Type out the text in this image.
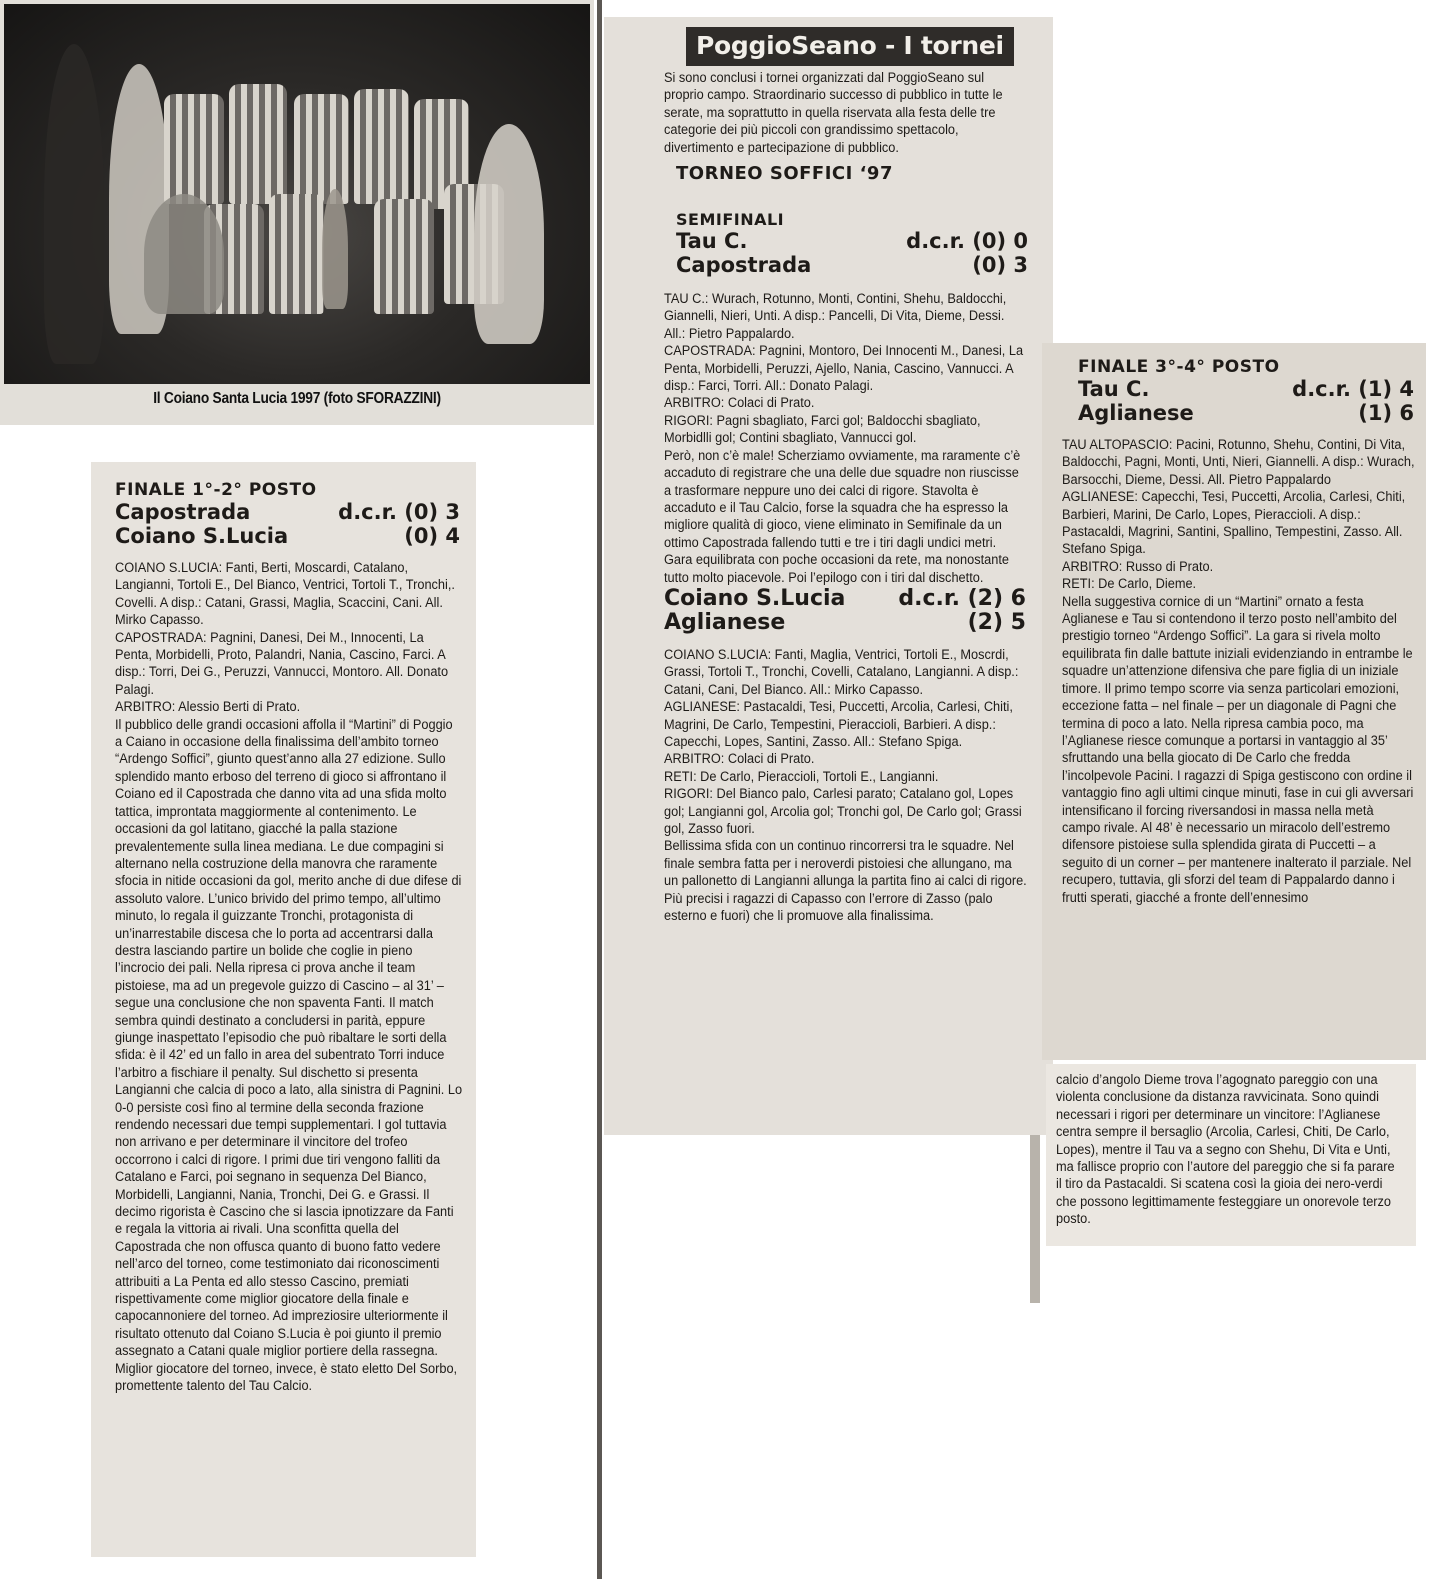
Il Coiano Santa Lucia 1997 (foto SFORAZZINI)
FINALE 1°-2° POSTO
Capostrada	d.c.r. (0) 3
Coiano S.Lucia	(0) 4

COIANO S.LUCIA: Fanti, Berti, Moscardi, Catalano, Langianni, Tortoli E., Del Bianco, Ventrici, Tortoli T., Tronchi,. Covelli. A disp.: Catani, Grassi, Maglia, Scaccini, Cani. All. Mirko Capasso.

CAPOSTRADA: Pagnini, Danesi, Dei M., Innocenti, La Penta, Morbidelli, Proto, Palandri, Nania, Cascino, Farci. A disp.: Torri, Dei G., Peruzzi, Vannucci, Montoro. All. Donato Palagi.

ARBITRO: Alessio Berti di Prato.

Il pubblico delle grandi occasioni affolla il “Martini” di Poggio a Caiano in occasione della finalissima dell’ambito torneo “Ardengo Soffici”, giunto quest’anno alla 27 edizione. Sullo splendido manto erboso del terreno di gioco si affrontano il Coiano ed il Capostrada che danno vita ad una sfida molto tattica, improntata maggiormente al contenimento. Le occasioni da gol latitano, giacché la palla stazione prevalentemente sulla linea mediana. Le due compagini si alternano nella costruzione della manovra che raramente sfocia in nitide occasioni da gol, merito anche di due difese di assoluto valore. L’unico brivido del primo tempo, all’ultimo minuto, lo regala il guizzante Tronchi, protagonista di un’inarrestabile discesa che lo porta ad accentrarsi dalla destra lasciando partire un bolide che coglie in pieno l’incrocio dei pali. Nella ripresa ci prova anche il team pistoiese, ma ad un pregevole guizzo di Cascino – al 31’ – segue una conclusione che non spaventa Fanti. Il match sembra quindi destinato a concludersi in parità, eppure giunge inaspettato l’episodio che può ribaltare le sorti della sfida: è il 42’ ed un fallo in area del subentrato Torri induce l’arbitro a fischiare il penalty. Sul dischetto si presenta Langianni che calcia di poco a lato, alla sinistra di Pagnini. Lo 0-0 persiste così fino al termine della seconda frazione rendendo necessari due tempi supplementari. I gol tuttavia non arrivano e per determinare il vincitore del trofeo occorrono i calci di rigore. I primi due tiri vengono falliti da Catalano e Farci, poi segnano in sequenza Del Bianco, Morbidelli, Langianni, Nania, Tronchi, Dei G. e Grassi. Il decimo rigorista è Cascino che si lascia ipnotizzare da Fanti e regala la vittoria ai rivali. Una sconfitta quella del Capostrada che non offusca quanto di buono fatto vedere nell’arco del torneo, come testimoniato dai riconoscimenti attribuiti a La Penta ed allo stesso Cascino, premiati rispettivamente come miglior giocatore della finale e capocannoniere del torneo. Ad impreziosire ulteriormente il risultato ottenuto dal Coiano S.Lucia è poi giunto il premio assegnato a Catani quale miglior portiere della rassegna. Miglior giocatore del torneo, invece, è stato eletto Del Sorbo, promettente talento del Tau Calcio.

PoggioSeano - I tornei

Si sono conclusi i tornei organizzati dal PoggioSeano sul proprio campo. Straordinario successo di pubblico in tutte le serate, ma soprattutto in quella riservata alla festa delle tre categorie dei più piccoli con grandissimo spettacolo, divertimento e partecipazione di pubblico.

TORNEO SOFFICI ‘97
SEMIFINALI
Tau C.	d.c.r. (0) 0
Capostrada	(0) 3

TAU C.: Wurach, Rotunno, Monti, Contini, Shehu, Baldocchi, Giannelli, Nieri, Unti. A disp.: Pancelli, Di Vita, Dieme, Dessi. All.: Pietro Pappalardo.

CAPOSTRADA: Pagnini, Montoro, Dei Innocenti M., Danesi, La Penta, Morbidelli, Peruzzi, Ajello, Nania, Cascino, Vannucci. A disp.: Farci, Torri. All.: Donato Palagi.

ARBITRO: Colaci di Prato.

RIGORI: Pagni sbagliato, Farci gol; Baldocchi sbagliato, Morbidlli gol; Contini sbagliato, Vannucci gol.

Però, non c’è male! Scherziamo ovviamente, ma raramente c’è accaduto di registrare che una delle due squadre non riuscisse a trasformare neppure uno dei calci di rigore. Stavolta è accaduto e il Tau Calcio, forse la squadra che ha espresso la migliore qualità di gioco, viene eliminato in Semifinale da un ottimo Capostrada fallendo tutti e tre i tiri dagli undici metri. Gara equilibrata con poche occasioni da rete, ma nonostante tutto molto piacevole. Poi l’epilogo con i tiri dal dischetto.

Coiano S.Lucia d.c.r. (2) 6
Aglianese	(2) 5

COIANO S.LUCIA: Fanti, Maglia, Ventrici, Tortoli E., Moscrdi, Grassi, Tortoli T., Tronchi, Covelli, Catalano, Langianni. A disp.: Catani, Cani, Del Bianco. All.: Mirko Capasso.

AGLIANESE: Pastacaldi, Tesi, Puccetti, Arcolia, Carlesi, Chiti, Magrini, De Carlo, Tempestini, Pieracciolі, Barbieri. A disp.: Capecchi, Lopes, Santini, Zasso. All.: Stefano Spiga.

ARBITRO: Colaci di Prato.

RETI: De Carlo, Pieraccioli, Tortoli E., Langianni.

RIGORI: Del Bianco palo, Carlesi parato; Catalano gol, Lopes gol; Langianni gol, Arcolia gol; Tronchi gol, De Carlo gol; Grassi gol, Zasso fuori.

Bellissima sfida con un continuo rincorrersi tra le squadre. Nel finale sembra fatta per i neroverdi pistoiesi che allungano, ma un pallonetto di Langianni allunga la partita fino ai calci di rigore. Più precisi i ragazzi di Capasso con l’errore di Zasso (palo esterno e fuori) che li promuove alla finalissima.

FINALE 3°-4° POSTO
Tau C.	d.c.r. (1) 4
Aglianese	(1) 6

TAU ALTOPASCIO: Pacini, Rotunno, Shehu, Contini, Di Vita, Baldocchi, Pagni, Monti, Unti, Nieri, Giannelli. A disp.: Wurach, Barsocchi, Dieme, Dessi. All. Pietro Pappalardo

AGLIANESE: Capecchi, Tesi, Puccetti, Arcolia, Carlesi, Chiti, Barbieri, Marini, De Carlo, Lopes, Pieraccioli. A disp.: Pastacaldi, Magrini, Santini, Spallino, Tempestini, Zasso. All. Stefano Spiga.

ARBITRO: Russo di Prato.

RETI: De Carlo, Dieme.

Nella suggestiva cornice di un “Martini” ornato a festa Aglianese e Tau si contendono il terzo posto nell’ambito del prestigio torneo “Ardengo Soffici”. La gara si rivela molto equilibrata fin dalle battute iniziali evidenziando in entrambe le squadre un’attenzione difensiva che pare figlia di un iniziale timore. Il primo tempo scorre via senza particolari emozioni, eccezione fatta – nel finale – per un diagonale di Pagni che termina di poco a lato. Nella ripresa cambia poco, ma l’Aglianese riesce comunque a portarsi in vantaggio al 35’ sfruttando una bella giocato di De Carlo che fredda l’incolpevole Pacini. I ragazzi di Spiga gestiscono con ordine il vantaggio fino agli ultimi cinque minuti, fase in cui gli avversari intensificano il forcing riversandosi in massa nella metà campo rivale. Al 48’ è necessario un miracolo dell’estremo difensore pistoiese sulla splendida girata di Puccetti – a seguito di un corner – per mantenere inalterato il parziale. Nel recupero, tuttavia, gli sforzi del team di Pappalardo danno i frutti sperati, giacché a fronte dell’ennesimo

calcio d’angolo Dieme trova l’agognato pareggio con una violenta conclusione da distanza ravvicinata. Sono quindi necessari i rigori per determinare un vincitore: l’Aglianese centra sempre il bersaglio (Arcolia, Carlesi, Chiti, De Carlo, Lopes), mentre il Tau va a segno con Shehu, Di Vita e Unti, ma fallisce proprio con l’autore del pareggio che si fa parare il tiro da Pastacaldi. Si scatena così la gioia dei nero-verdi che possono legittimamente festeggiare un onorevole terzo posto.
